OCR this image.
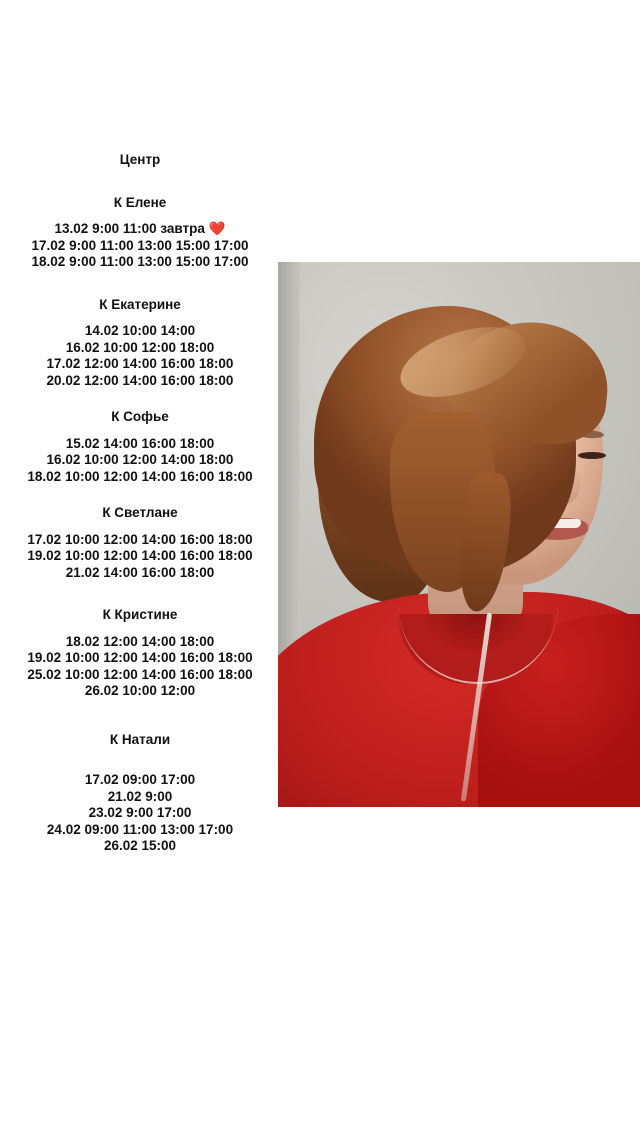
Центр
К Елене
13.02 9:00 11:00 завтра ❤️
17.02 9:00 11:00 13:00 15:00 17:00
18.02 9:00 11:00 13:00 15:00 17:00
К Екатерине
14.02 10:00 14:00
16.02 10:00 12:00 18:00
17.02 12:00 14:00 16:00 18:00
20.02 12:00 14:00 16:00 18:00
К Софье
15.02 14:00 16:00 18:00
16.02 10:00 12:00 14:00 18:00
18.02 10:00 12:00 14:00 16:00 18:00
К Светлане
17.02 10:00 12:00 14:00 16:00 18:00
19.02 10:00 12:00 14:00 16:00 18:00
21.02 14:00 16:00 18:00
К Кристине
18.02 12:00 14:00 18:00
19.02 10:00 12:00 14:00 16:00 18:00
25.02 10:00 12:00 14:00 16:00 18:00
26.02 10:00 12:00
К Натали
17.02 09:00 17:00
21.02 9:00
23.02 9:00 17:00
24.02 09:00 11:00 13:00 17:00
26.02 15:00
